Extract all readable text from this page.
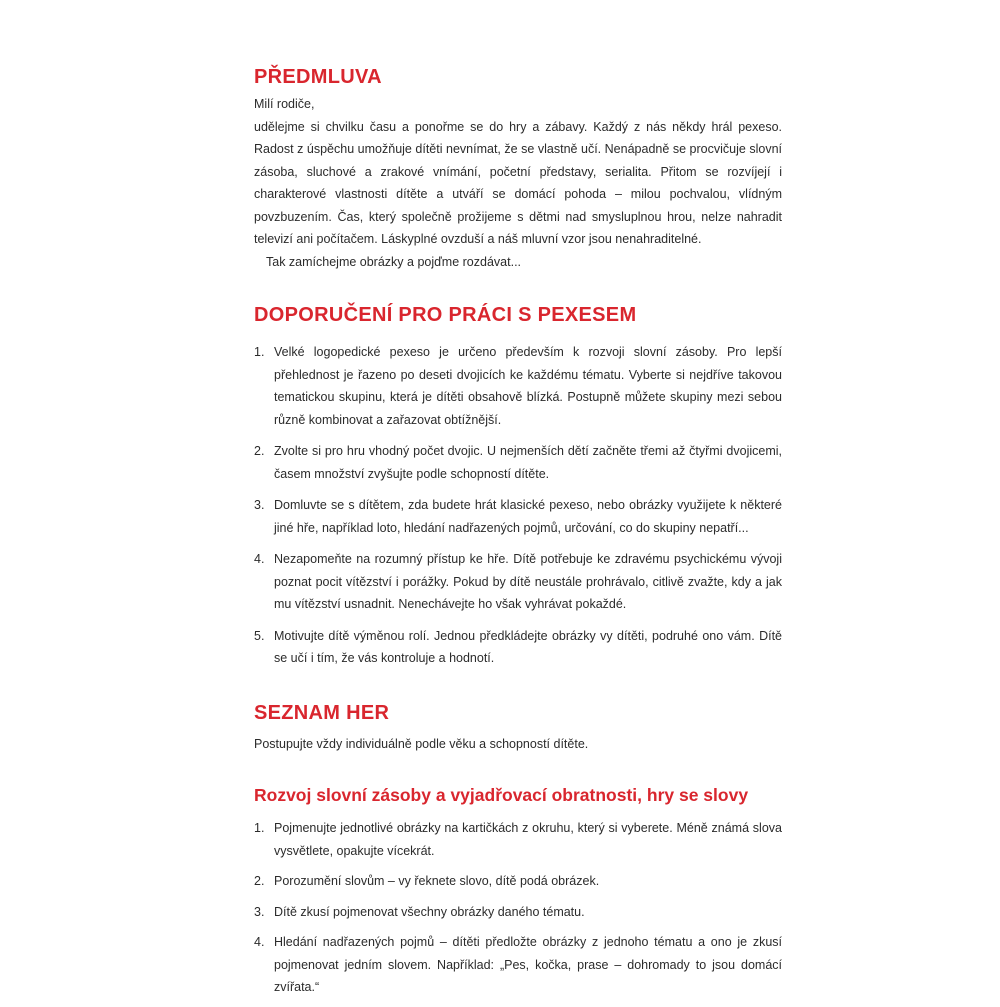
PŘEDMLUVA

Milí rodiče,

udělejme si chvilku času a ponořme se do hry a zábavy. Každý z nás někdy hrál pexeso. Radost z úspěchu umožňuje dítěti nevnímat, že se vlastně učí. Nenápadně se procvičuje slovní zásoba, sluchové a zrakové vnímání, početní představy, serialita. Přitom se rozvíjejí i charakterové vlastnosti dítěte a utváří se domácí pohoda – milou pochvalou, vlídným povzbuzením. Čas, který společně prožijeme s dětmi nad smysluplnou hrou, nelze nahradit televizí ani počítačem. Láskyplné ovzduší a náš mluvní vzor jsou nenahraditelné.

Tak zamíchejme obrázky a pojďme rozdávat...

DOPORUČENÍ PRO PRÁCI S PEXESEM
1. Velké logopedické pexeso je určeno především k rozvoji slovní zásoby. Pro lepší přehlednost je řazeno po deseti dvojicích ke každému tématu. Vyberte si nejdříve takovou tematickou skupinu, která je dítěti obsahově blízká. Postupně můžete skupiny mezi sebou různě kombinovat a zařazovat obtížnější.
2. Zvolte si pro hru vhodný počet dvojic. U nejmenších dětí začněte třemi až čtyřmi dvojicemi, časem množství zvyšujte podle schopností dítěte.
3. Domluvte se s dítětem, zda budete hrát klasické pexeso, nebo obrázky využijete k některé jiné hře, například loto, hledání nadřazených pojmů, určování, co do skupiny nepatří...
4. Nezapomeňte na rozumný přístup ke hře. Dítě potřebuje ke zdravému psychickému vývoji poznat pocit vítězství i porážky. Pokud by dítě neustále prohrávalo, citlivě zvažte, kdy a jak mu vítězství usnadnit. Nenechávejte ho však vyhrávat pokaždé.
5. Motivujte dítě výměnou rolí. Jednou předkládejte obrázky vy dítěti, podruhé ono vám. Dítě se učí i tím, že vás kontroluje a hodnotí.
SEZNAM HER

Postupujte vždy individuálně podle věku a schopností dítěte.

Rozvoj slovní zásoby a vyjadřovací obratnosti, hry se slovy
1. Pojmenujte jednotlivé obrázky na kartičkách z okruhu, který si vyberete. Méně známá slova vysvětlete, opakujte vícekrát.
2. Porozumění slovům – vy řeknete slovo, dítě podá obrázek.
3. Dítě zkusí pojmenovat všechny obrázky daného tématu.
4. Hledání nadřazených pojmů – dítěti předložte obrázky z jednoho tématu a ono je zkusí pojmenovat jedním slovem. Například: „Pes, kočka, prase – dohromady to jsou domácí zvířata.“
